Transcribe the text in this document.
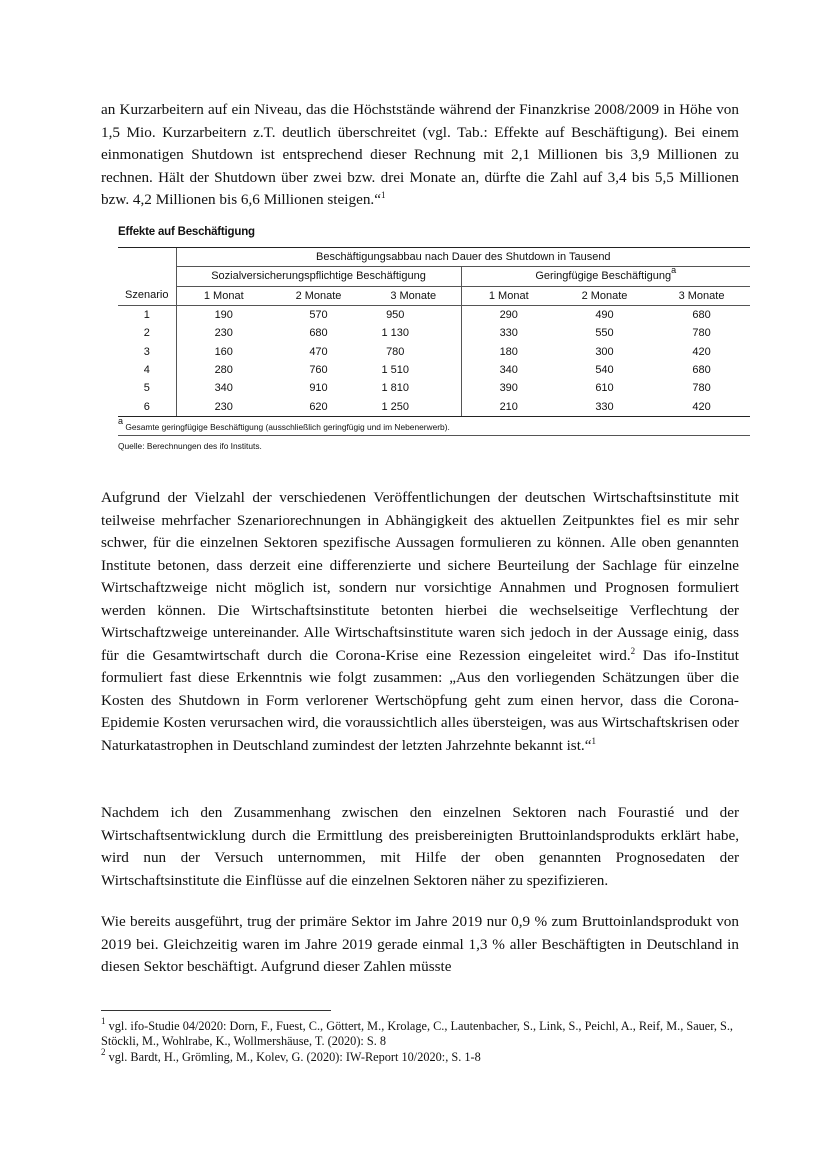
an Kurzarbeitern auf ein Niveau, das die Höchststände während der Finanzkrise 2008/2009 in Höhe von 1,5 Mio. Kurzarbeitern z.T. deutlich überschreitet (vgl. Tab.: Effekte auf Beschäftigung). Bei einem einmonatigen Shutdown ist entsprechend dieser Rechnung mit 2,1 Millionen bis 3,9 Millionen zu rechnen. Hält der Shutdown über zwei bzw. drei Monate an, dürfte die Zahl auf 3,4 bis 5,5 Millionen bzw. 4,2 Millionen bis 6,6 Millionen steigen.“$^1$

Effekte auf Beschäftigung
	Beschäftigungsabbau nach Dauer des Shutdown in Tausend					
	Sozialversicherungspflichtige Beschäftigung			Geringfügige Beschäftigung$^a$
Szenario	1 Monat	2 Monate	3 Monate	1 Monat	2 Monate	3 Monate
1	190	570	950	290	490	680
2	230	680	1 130	330	550	780
3	160	470	780	180	300	420
4	280	760	1 510	340	540	680
5	340	910	1 810	390	610	780
6	230	620	1 250	210	330	420
$^a$ Gesamte geringfügige Beschäftigung (ausschließlich geringfügig und im Nebenerwerb).
Quelle: Berechnungen des ifo Instituts.

Aufgrund der Vielzahl der verschiedenen Veröffentlichungen der deutschen Wirtschaftsinstitute mit teilweise mehrfacher Szenariorechnungen in Abhängigkeit des aktuellen Zeitpunktes fiel es mir sehr schwer, für die einzelnen Sektoren spezifische Aussagen formulieren zu können. Alle oben genannten Institute betonen, dass derzeit eine differenzierte und sichere Beurteilung der Sachlage für einzelne Wirtschaftzweige nicht möglich ist, sondern nur vorsichtige Annahmen und Prognosen formuliert werden können. Die Wirtschaftsinstitute betonten hierbei die wechselseitige Verflechtung der Wirtschaftzweige untereinander. Alle Wirtschaftsinstitute waren sich jedoch in der Aussage einig, dass für die Gesamtwirtschaft durch die Corona-Krise eine Rezession eingeleitet wird.$^2$ Das ifo-Institut formuliert fast diese Erkenntnis wie folgt zusammen: „Aus den vorliegenden Schätzungen über die Kosten des Shutdown in Form verlorener Wertschöpfung geht zum einen hervor, dass die Corona-Epidemie Kosten verursachen wird, die voraussichtlich alles übersteigen, was aus Wirtschaftskrisen oder Naturkatastrophen in Deutschland zumindest der letzten Jahrzehnte bekannt ist.“$^1$

Nachdem ich den Zusammenhang zwischen den einzelnen Sektoren nach Fourastié und der Wirtschaftsentwicklung durch die Ermittlung des preisbereinigten Bruttoinlandsprodukts erklärt habe, wird nun der Versuch unternommen, mit Hilfe der oben genannten Prognosedaten der Wirtschaftsinstitute die Einflüsse auf die einzelnen Sektoren näher zu spezifizieren.

Wie bereits ausgeführt, trug der primäre Sektor im Jahre 2019 nur 0,9 % zum Bruttoinlandsprodukt von 2019 bei. Gleichzeitig waren im Jahre 2019 gerade einmal 1,3 % aller Beschäftigten in Deutschland in diesen Sektor beschäftigt. Aufgrund dieser Zahlen müsste

$^1$ vgl. ifo-Studie 04/2020: Dorn, F., Fuest, C., Göttert, M., Krolage, C., Lautenbacher, S., Link, S., Peichl, A., Reif, M., Sauer, S., Stöckli, M., Wohlrabe, K., Wollmershäuse, T. (2020): S. 8

$^2$ vgl. Bardt, H., Grömling, M., Kolev, G. (2020): IW-Report 10/2020:, S. 1-8
